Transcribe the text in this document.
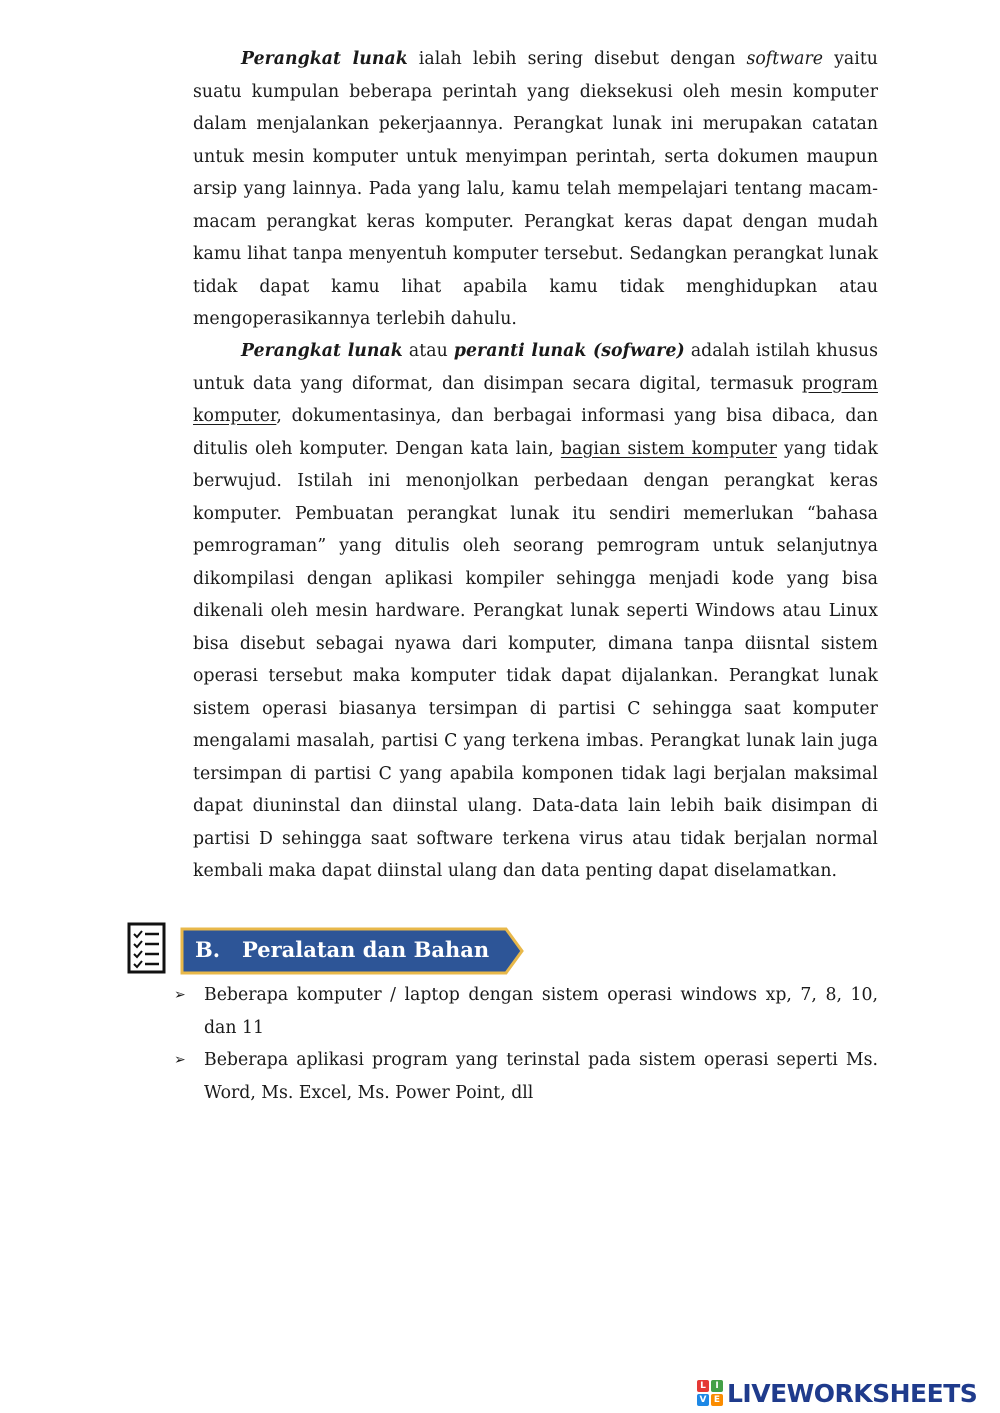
Perangkat lunak ialah lebih sering disebut dengan software yaitu suatu kumpulan beberapa perintah yang dieksekusi oleh mesin komputer dalam menjalankan pekerjaannya. Perangkat lunak ini merupakan catatan untuk mesin komputer untuk menyimpan perintah, serta dokumen maupun arsip yang lainnya. Pada yang lalu, kamu telah mempelajari tentang macam-macam perangkat keras komputer. Perangkat keras dapat dengan mudah kamu lihat tanpa menyentuh komputer tersebut. Sedangkan perangkat lunak tidak dapat kamu lihat apabila kamu tidak menghidupkan atau mengoperasikannya terlebih dahulu.

Perangkat lunak atau peranti lunak (sofware) adalah istilah khusus untuk data yang diformat, dan disimpan secara digital, termasuk program komputer, dokumentasinya, dan berbagai informasi yang bisa dibaca, dan ditulis oleh komputer. Dengan kata lain, bagian sistem komputer yang tidak berwujud. Istilah ini menonjolkan perbedaan dengan perangkat keras komputer. Pembuatan perangkat lunak itu sendiri memerlukan “bahasa pemrograman” yang ditulis oleh seorang pemrogram untuk selanjutnya dikompilasi dengan aplikasi kompiler sehingga menjadi kode yang bisa dikenali oleh mesin hardware. Perangkat lunak seperti Windows atau Linux bisa disebut sebagai nyawa dari komputer, dimana tanpa diisntal sistem operasi tersebut maka komputer tidak dapat dijalankan. Perangkat lunak sistem operasi biasanya tersimpan di partisi C sehingga saat komputer mengalami masalah, partisi C yang terkena imbas. Perangkat lunak lain juga tersimpan di partisi C yang apabila komponen tidak lagi berjalan maksimal dapat diuninstal dan diinstal ulang. Data-data lain lebih baik disimpan di partisi D sehingga saat software terkena virus atau tidak berjalan normal kembali maka dapat diinstal ulang dan data penting dapat diselamatkan.

B. Peralatan dan Bahan
➢ Beberapa komputer / laptop dengan sistem operasi windows xp, 7, 8, 10, dan 11
➢ Beberapa aplikasi program yang terinstal pada sistem operasi seperti Ms. Word, Ms. Excel, Ms. Power Point, dll
L	I
V E LIVEWORKSHEETS
